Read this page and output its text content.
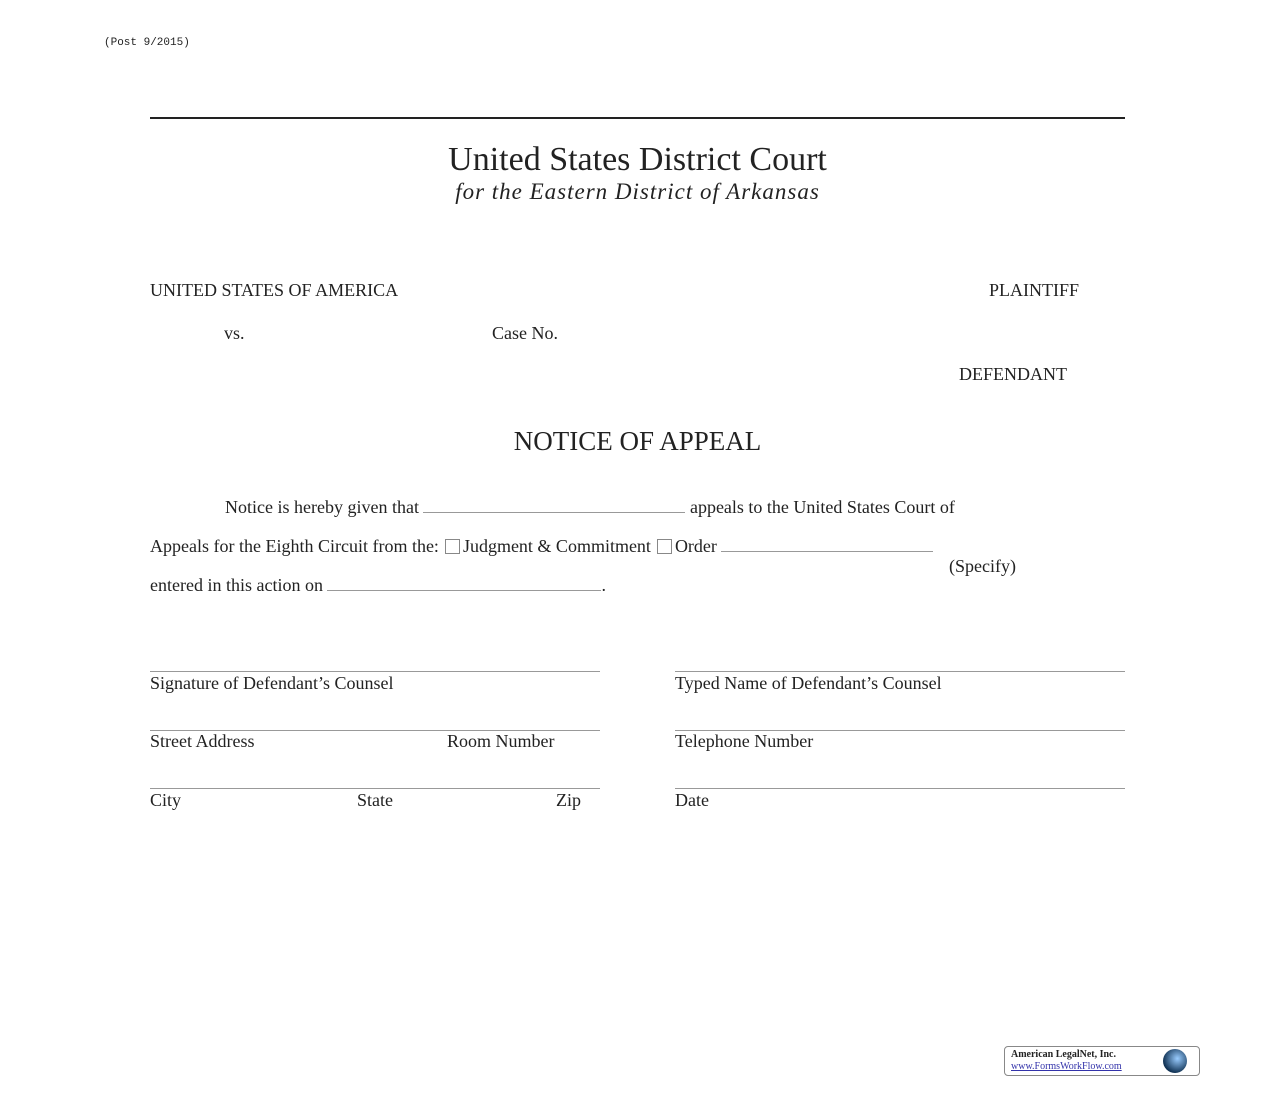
(Post 9/2015)
United States District Court
for the Eastern District of Arkansas
UNITED STATES OF AMERICA	PLAINTIFF
vs.	Case No.
DEFENDANT
NOTICE OF APPEAL
Notice is hereby given that	appeals to the United States Court of
Appeals for the Eighth Circuit from the: Judgment & Commitment Order
(Specify)
entered in this action on	.
Signature of Defendant’s Counsel	Typed Name of Defendant’s Counsel
Street Address	Room Number	Telephone Number
City	State	Zip	Date
American LegalNet, Inc.
www.FormsWorkFlow.com
